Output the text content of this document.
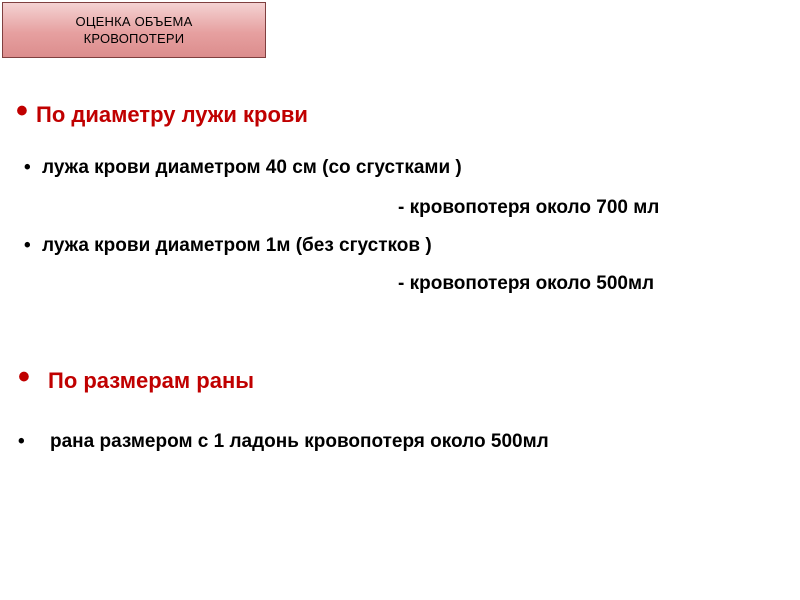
ОЦЕНКА ОБЪЕМА
КРОВОПОТЕРИ
• По диаметру лужи крови
• лужа крови диаметром 40 см (со сгустками )
- кровопотеря около 700 мл
• лужа крови диаметром 1м (без сгустков )
- кровопотеря около 500мл
• По размерам раны
• рана размером с 1 ладонь кровопотеря около 500мл
